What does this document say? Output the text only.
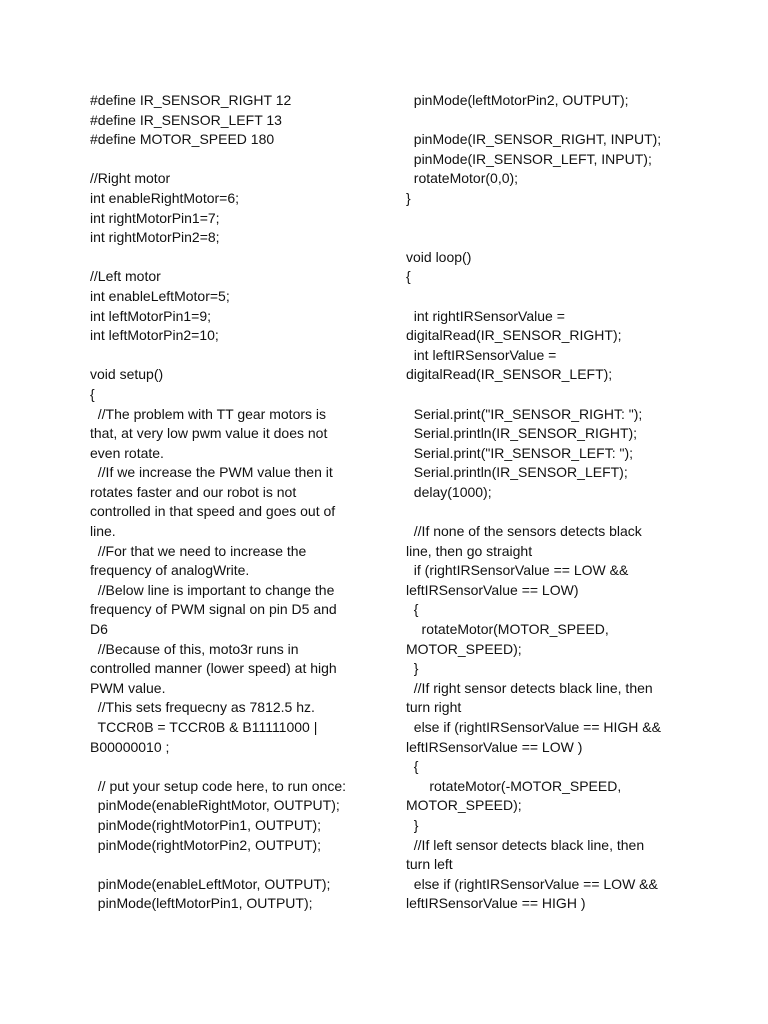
#define IR_SENSOR_RIGHT 12
#define IR_SENSOR_LEFT 13
#define MOTOR_SPEED 180
//Right motor
int enableRightMotor=6;
int rightMotorPin1=7;
int rightMotorPin2=8;
//Left motor
int enableLeftMotor=5;
int leftMotorPin1=9;
int leftMotorPin2=10;
void setup()
{
//The problem with TT gear motors is
that, at very low pwm value it does not
even rotate.
//If we increase the PWM value then it
rotates faster and our robot is not
controlled in that speed and goes out of
line.
//For that we need to increase the
frequency of analogWrite.
//Below line is important to change the
frequency of PWM signal on pin D5 and
D6
//Because of this, moto3r runs in
controlled manner (lower speed) at high
PWM value.
//This sets frequecny as 7812.5 hz.
TCCR0B = TCCR0B & B11111000 |
B00000010 ;
// put your setup code here, to run once:
pinMode(enableRightMotor, OUTPUT);
pinMode(rightMotorPin1, OUTPUT);
pinMode(rightMotorPin2, OUTPUT);
pinMode(enableLeftMotor, OUTPUT);
pinMode(leftMotorPin1, OUTPUT);
pinMode(leftMotorPin2, OUTPUT);
pinMode(IR_SENSOR_RIGHT, INPUT);
pinMode(IR_SENSOR_LEFT, INPUT);
rotateMotor(0,0);
}
void loop()
{
int rightIRSensorValue =
digitalRead(IR_SENSOR_RIGHT);
int leftIRSensorValue =
digitalRead(IR_SENSOR_LEFT);
Serial.print("IR_SENSOR_RIGHT: ");
Serial.println(IR_SENSOR_RIGHT);
Serial.print("IR_SENSOR_LEFT: ");
Serial.println(IR_SENSOR_LEFT);
delay(1000);
//If none of the sensors detects black
line, then go straight
if (rightIRSensorValue == LOW &&
leftIRSensorValue == LOW)
{
rotateMotor(MOTOR_SPEED,
MOTOR_SPEED);
}
//If right sensor detects black line, then
turn right
else if (rightIRSensorValue == HIGH &&
leftIRSensorValue == LOW )
{
rotateMotor(-MOTOR_SPEED,
MOTOR_SPEED);
}
//If left sensor detects black line, then
turn left
else if (rightIRSensorValue == LOW &&
leftIRSensorValue == HIGH )
